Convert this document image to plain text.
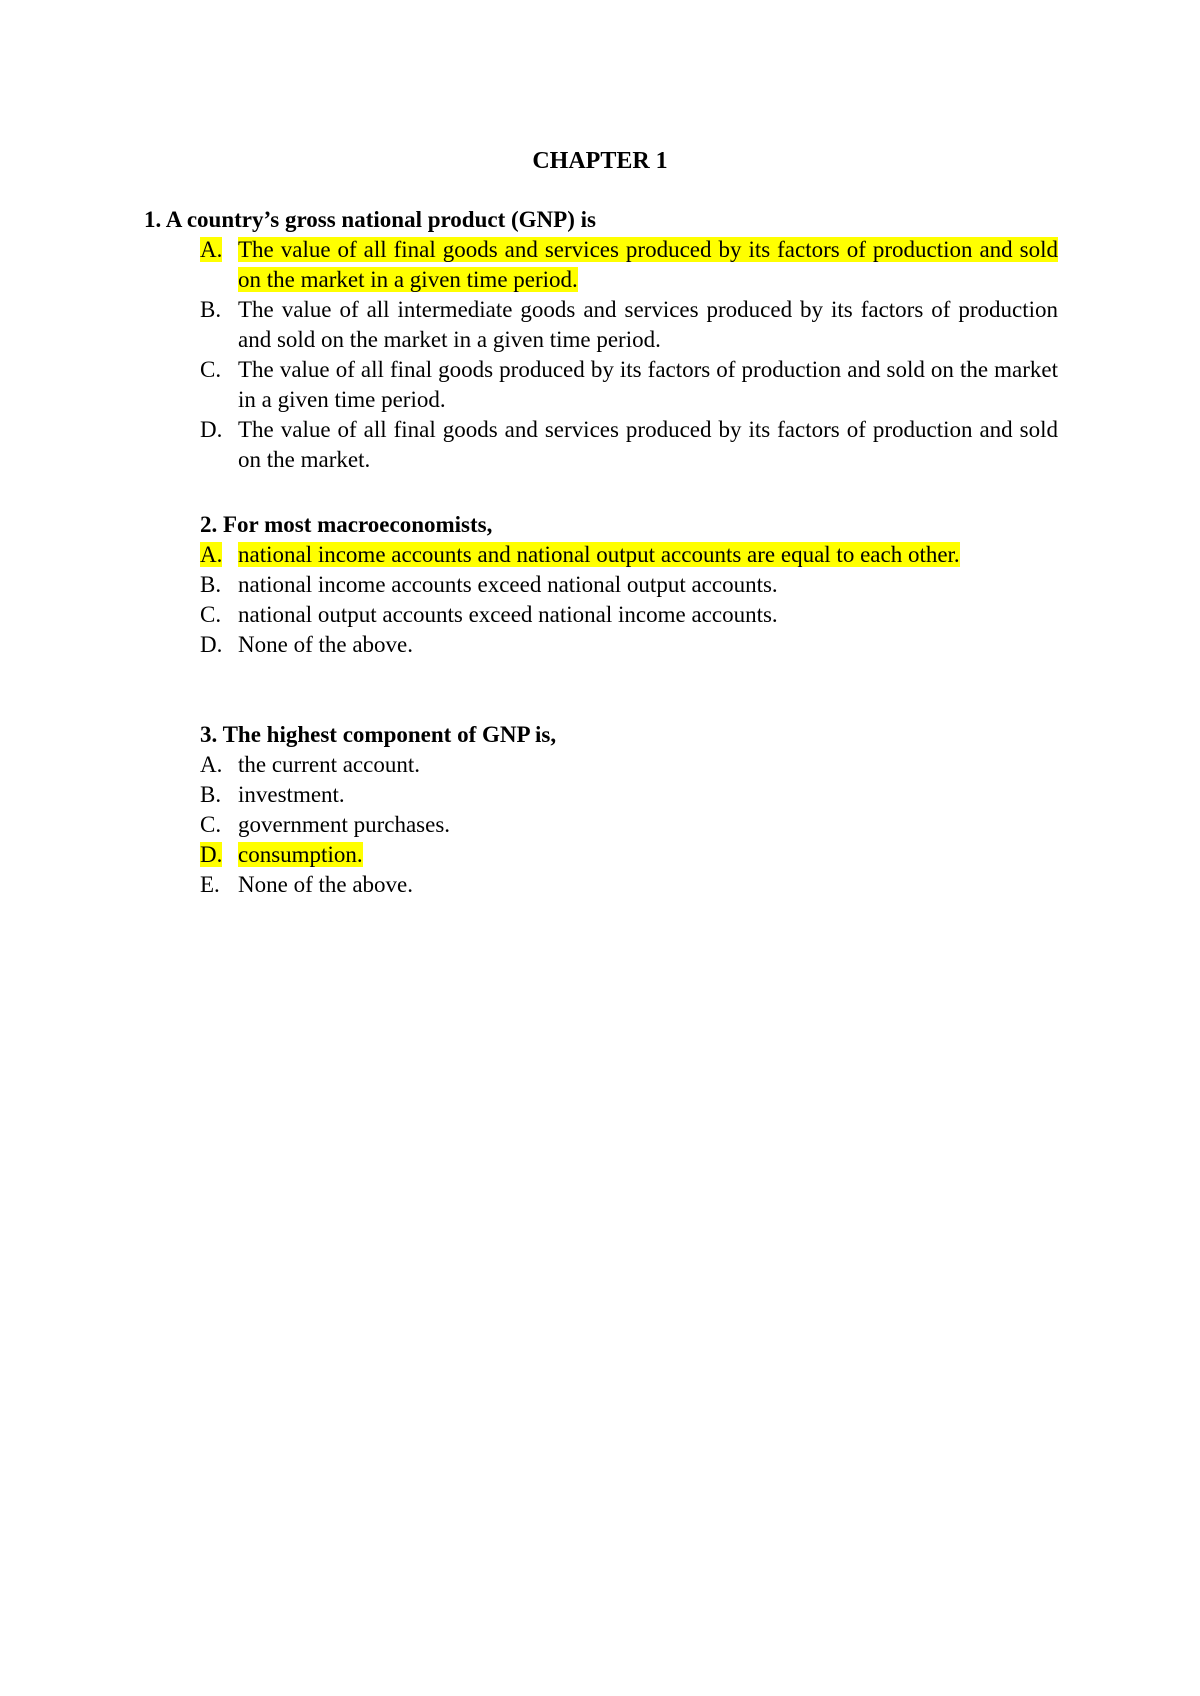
CHAPTER 1
1. A country’s gross national product (GNP) is
A. The value of all final goods and services produced by its factors of production and sold on the market in a given time period.
B. The value of all intermediate goods and services produced by its factors of production and sold on the market in a given time period.
C. The value of all final goods produced by its factors of production and sold on the market in a given time period.
D. The value of all final goods and services produced by its factors of production and sold on the market.
2. For most macroeconomists,
A. national income accounts and national output accounts are equal to each other.
B. national income accounts exceed national output accounts.
C. national output accounts exceed national income accounts.
D. None of the above.
3. The highest component of GNP is,
A. the current account.
B. investment.
C. government purchases.
D. consumption.
E. None of the above.
